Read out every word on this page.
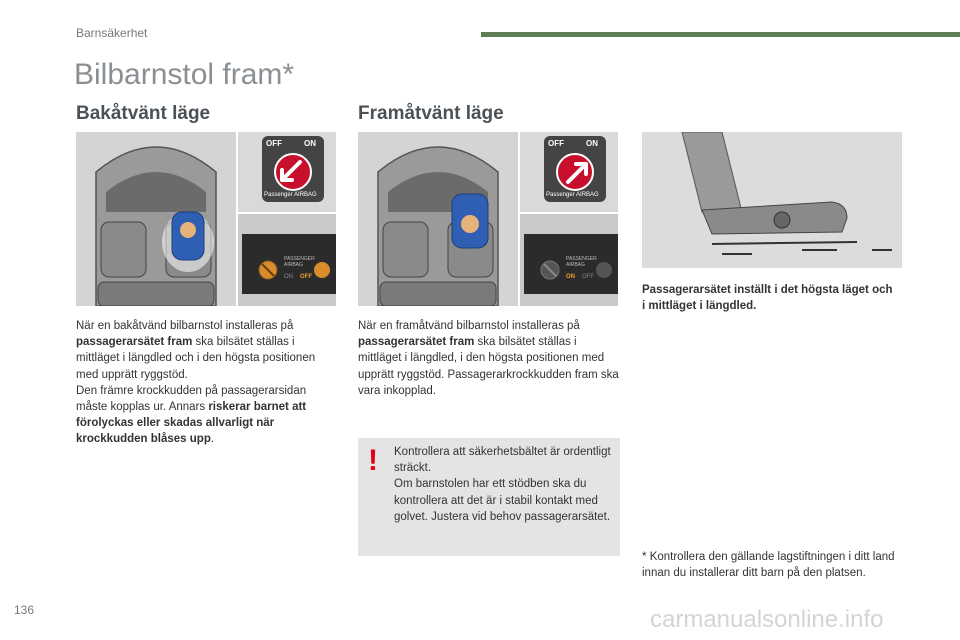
Barnsäkerhet
Bilbarnstol fram*
Bakåtvänt läge	Framåtvänt läge
OFF	ON
Passenger AIRBAG
PASSENGER AIRBAG
ON OFF
OFF	ON
Passenger AIRBAG
PASSENGER AIRBAG
ON OFF
När en bakåtvänd bilbarnstol installeras på passagerarsätet fram ska bilsätet ställas i mittläget i längdled och i den högsta positionen med upprätt ryggstöd.
Den främre krockkudden på passagerarsidan måste kopplas ur. Annars riskerar barnet att förolyckas eller skadas allvarligt när krockkudden blåses upp.
När en framåtvänd bilbarnstol installeras på passagerarsätet fram ska bilsätet ställas i mittläget i längdled, i den högsta positionen med upprätt ryggstöd. Passagerarkrockkudden fram ska vara inkopplad.
Passagerarsätet inställt i det högsta läget och i mittläget i längdled.
! Kontrollera att säkerhetsbältet är ordentligt sträckt.
Om barnstolen har ett stödben ska du kontrollera att det är i stabil kontakt med golvet. Justera vid behov passagerarsätet.
* Kontrollera den gällande lagstiftningen i ditt land innan du installerar ditt barn på den platsen.
136	carmanualsonline.info
